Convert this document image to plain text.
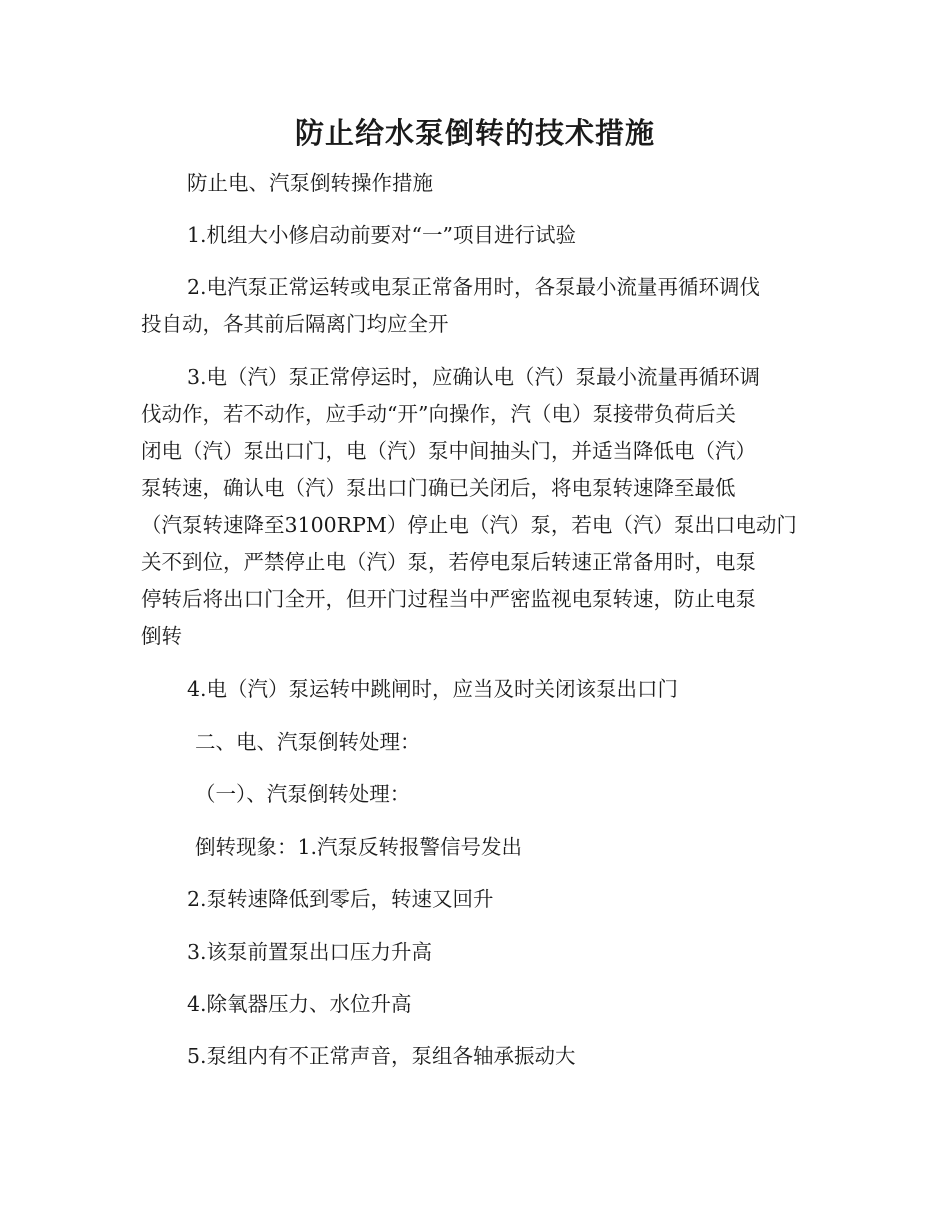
防止给水泵倒转的技术措施

防止电、汽泵倒转操作措施

1.机组大小修启动前要对“一”项目进行试验

2.电汽泵正常运转或电泵正常备用时，各泵最小流量再循环调伐
投自动，各其前后隔离门均应全开
3.电（汽）泵正常停运时，应确认电（汽）泵最小流量再循环调
伐动作，若不动作，应手动“开”向操作，汽（电）泵接带负荷后关
闭电（汽）泵出口门，电（汽）泵中间抽头门，并适当降低电（汽）
泵转速，确认电（汽）泵出口门确已关闭后，将电泵转速降至最低
（汽泵转速降至3100RPM）停止电（汽）泵，若电（汽）泵出口电动门
关不到位，严禁停止电（汽）泵，若停电泵后转速正常备用时，电泵
停转后将出口门全开，但开门过程当中严密监视电泵转速，防止电泵
倒转

4.电（汽）泵运转中跳闸时，应当及时关闭该泵出口门

二、电、汽泵倒转处理：

（一）、汽泵倒转处理：

倒转现象：1.汽泵反转报警信号发出

2.泵转速降低到零后，转速又回升

3.该泵前置泵出口压力升高

4.除氧器压力、水位升高

5.泵组内有不正常声音，泵组各轴承振动大
